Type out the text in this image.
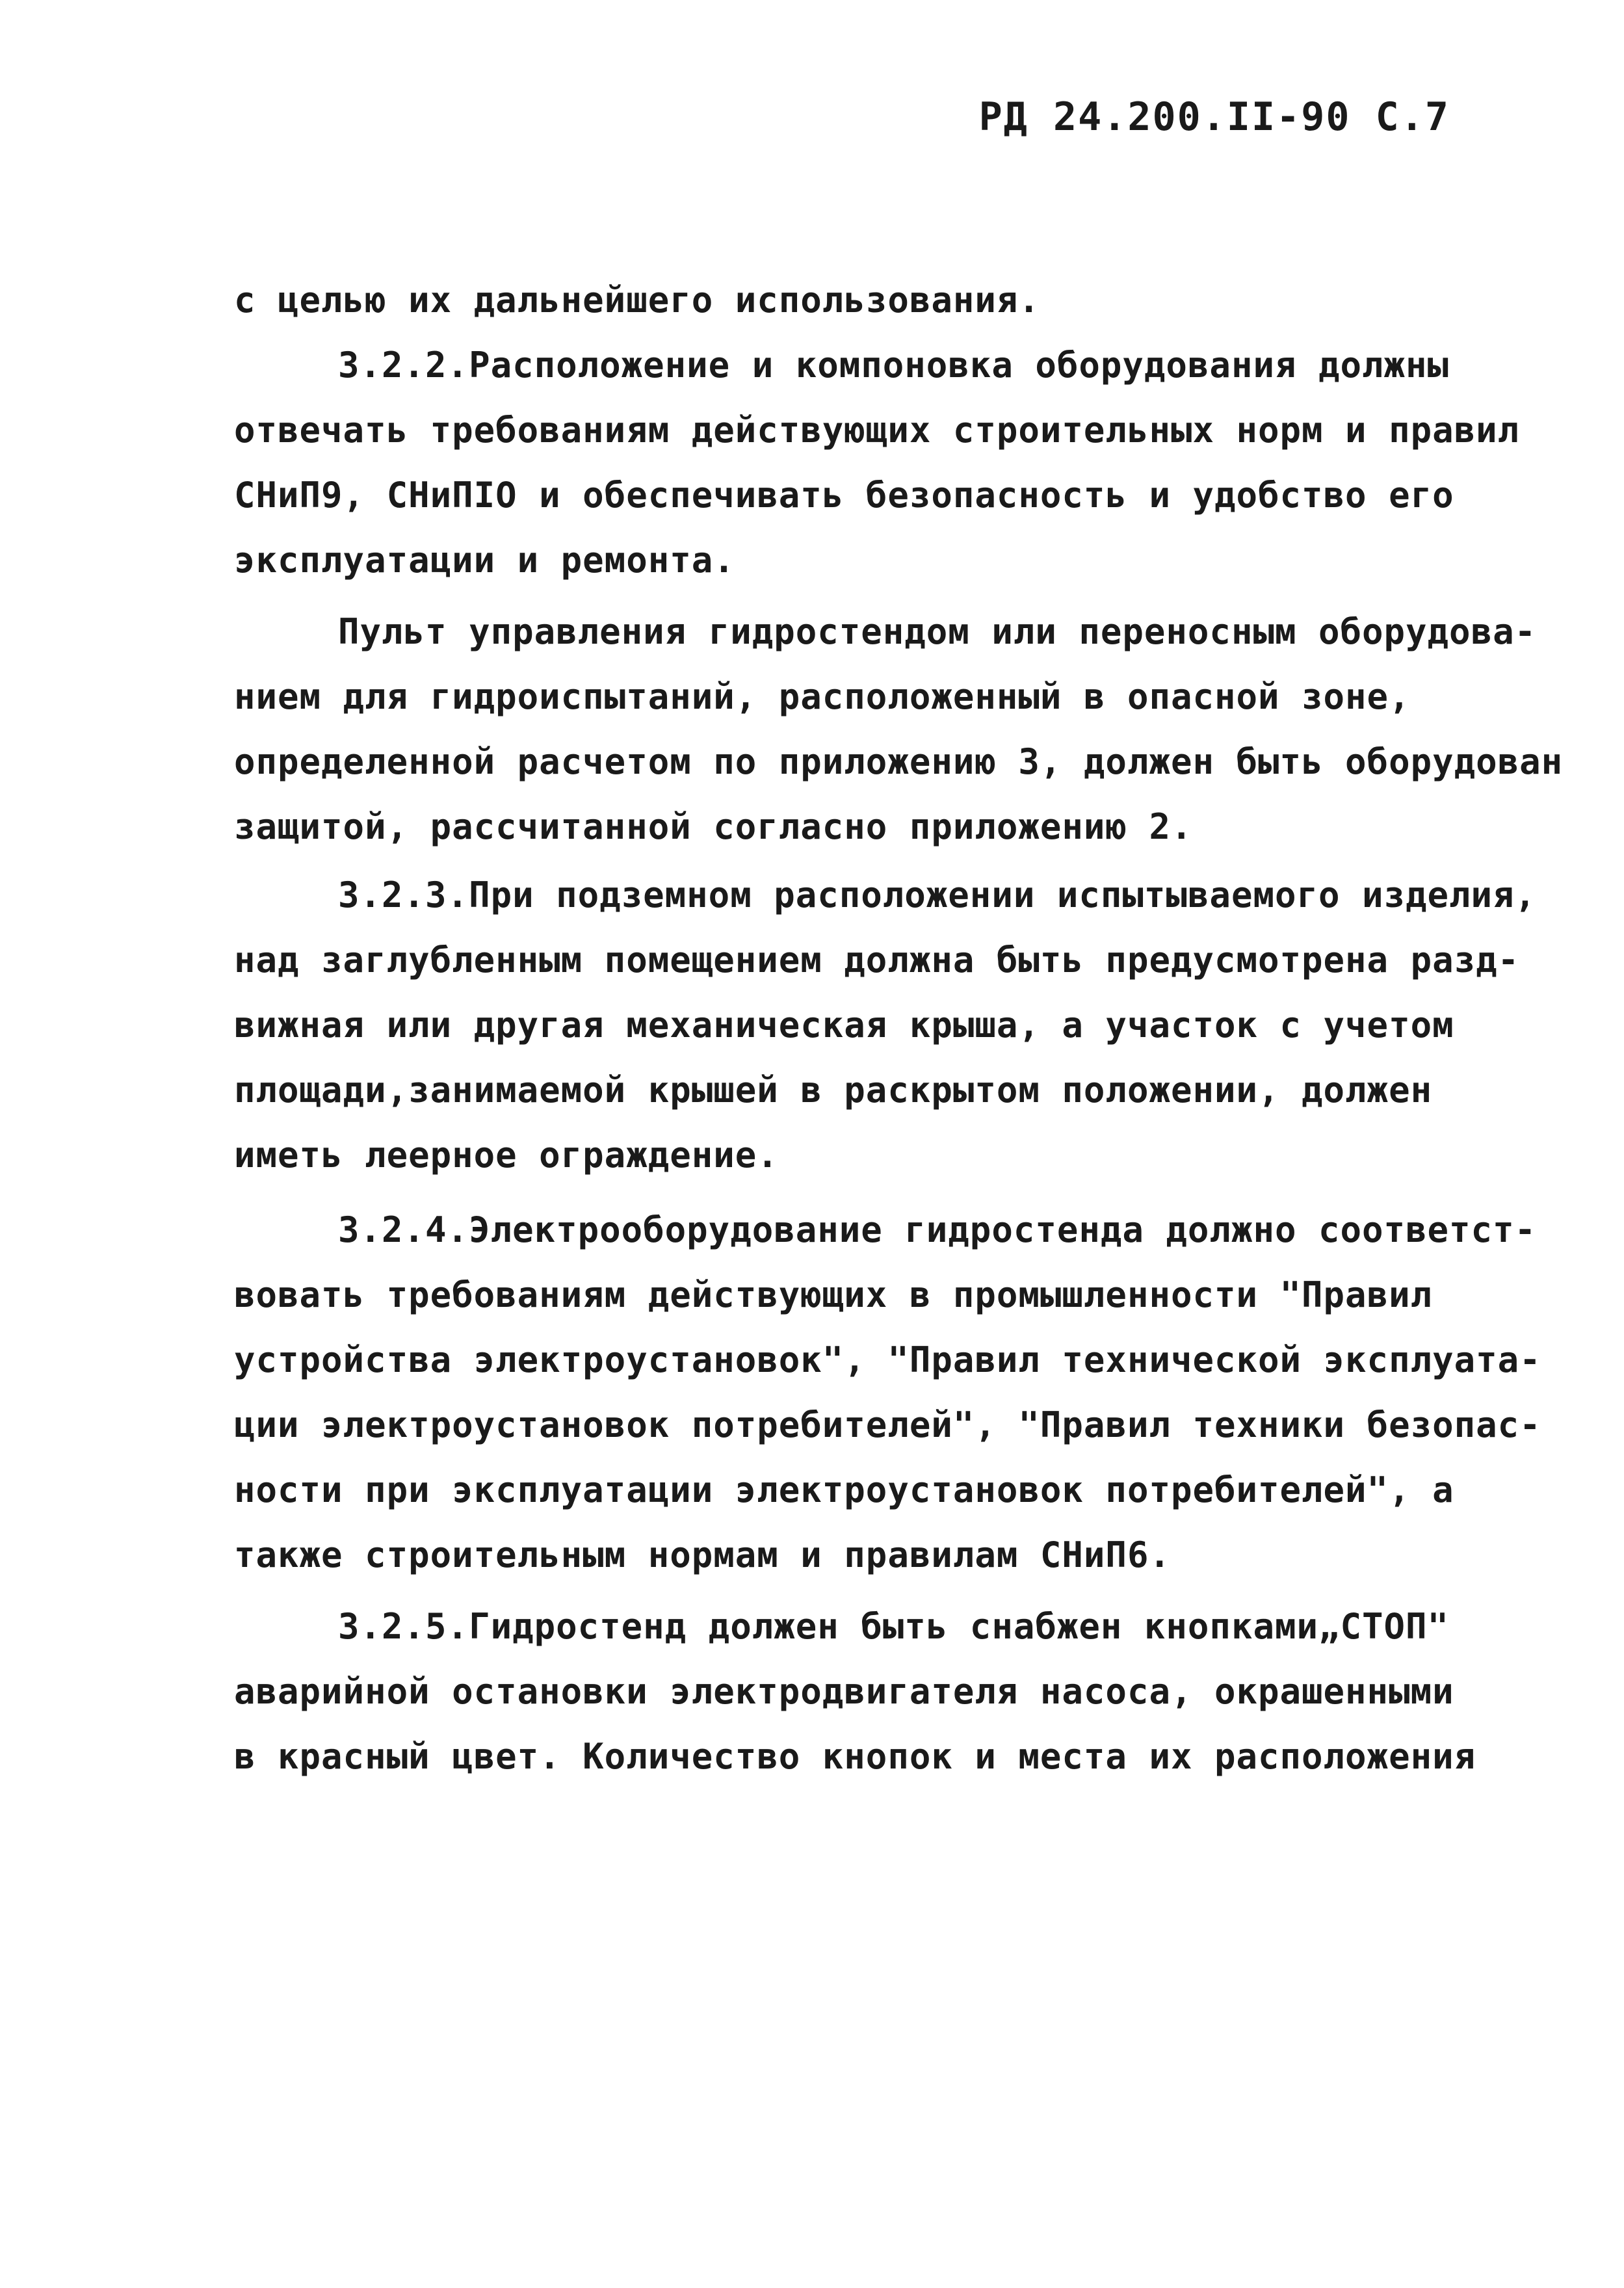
РД 24.200.II-90 С.7
с целью их дальнейшего использования.
3.2.2.Расположение и компоновка оборудования должны
отвечать требованиям действующих строительных норм и правил
СНиП9, СНиПIО и обеспечивать безопасность и удобство его
эксплуатации и ремонта.
Пульт управления гидростендом или переносным оборудова-
нием для гидроиспытаний, расположенный в опасной зоне,
определенной расчетом по приложению 3, должен быть оборудован
защитой, рассчитанной согласно приложению 2.
3.2.3.При подземном расположении испытываемого изделия,
над заглубленным помещением должна быть предусмотрена разд-
вижная или другая механическая крыша, а участок с учетом
площади,занимаемой крышей в раскрытом положении, должен
иметь леерное ограждение.
3.2.4.Электрооборудование гидростенда должно соответст-
вовать требованиям действующих в промышленности "Правил
устройства электроустановок", "Правил технической эксплуата-
ции электроустановок потребителей", "Правил техники безопас-
ности при эксплуатации электроустановок потребителей", а
также строительным нормам и правилам СНиП6.
3.2.5.Гидростенд должен быть снабжен кнопками„СТОП"
аварийной остановки электродвигателя насоса, окрашенными
в красный цвет. Количество кнопок и места их расположения
